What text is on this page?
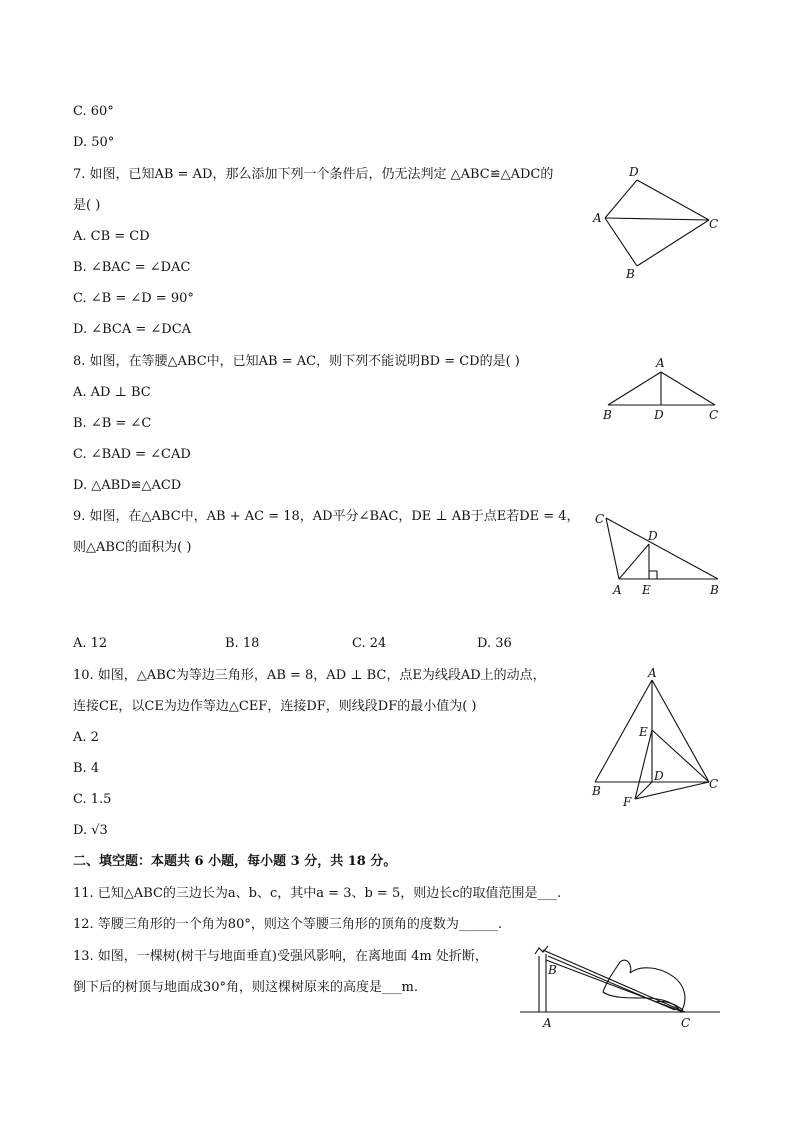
C. 60°
D. 50°
7. 如图，已知AB = AD，那么添加下列一个条件后，仍无法判定 △ABC≌△ADC的
是( )
A. CB = CD
B. ∠BAC = ∠DAC
C. ∠B = ∠D = 90°
D. ∠BCA = ∠DCA
D
A	C
B
8. 如图，在等腰△ABC中，已知AB = AC，则下列不能说明BD = CD的是( )
A. AD ⊥ BC
B. ∠B = ∠C
C. ∠BAD = ∠CAD
D. △ABD≌△ACD
A
B	D	C
9. 如图，在△ABC中，AB + AC = 18，AD平分∠BAC，DE ⊥ AB于点E若DE = 4，
则△ABC的面积为( )
C
D
A E	B
A. 12	B. 18	C. 24	D. 36
10. 如图，△ABC为等边三角形，AB = 8，AD ⊥ BC，点E为线段AD上的动点，
连接CE，以CE为边作等边△CEF，连接DF，则线段DF的最小值为( )
A. 2
B. 4
C. 1.5
D. √3
A
E
D
B	C
F
二、填空题：本题共 6 小题，每小题 3 分，共 18 分。
11. 已知△ABC的三边长为a、b、c，其中a = 3、b = 5，则边长c的取值范围是___.
12. 等腰三角形的一个角为80°，则这个等腰三角形的顶角的度数为______.
13. 如图，一棵树(树干与地面垂直)受强风影响，在离地面 4m 处折断，
倒下后的树顶与地面成30°角，则这棵树原来的高度是___m.
B
A	C
